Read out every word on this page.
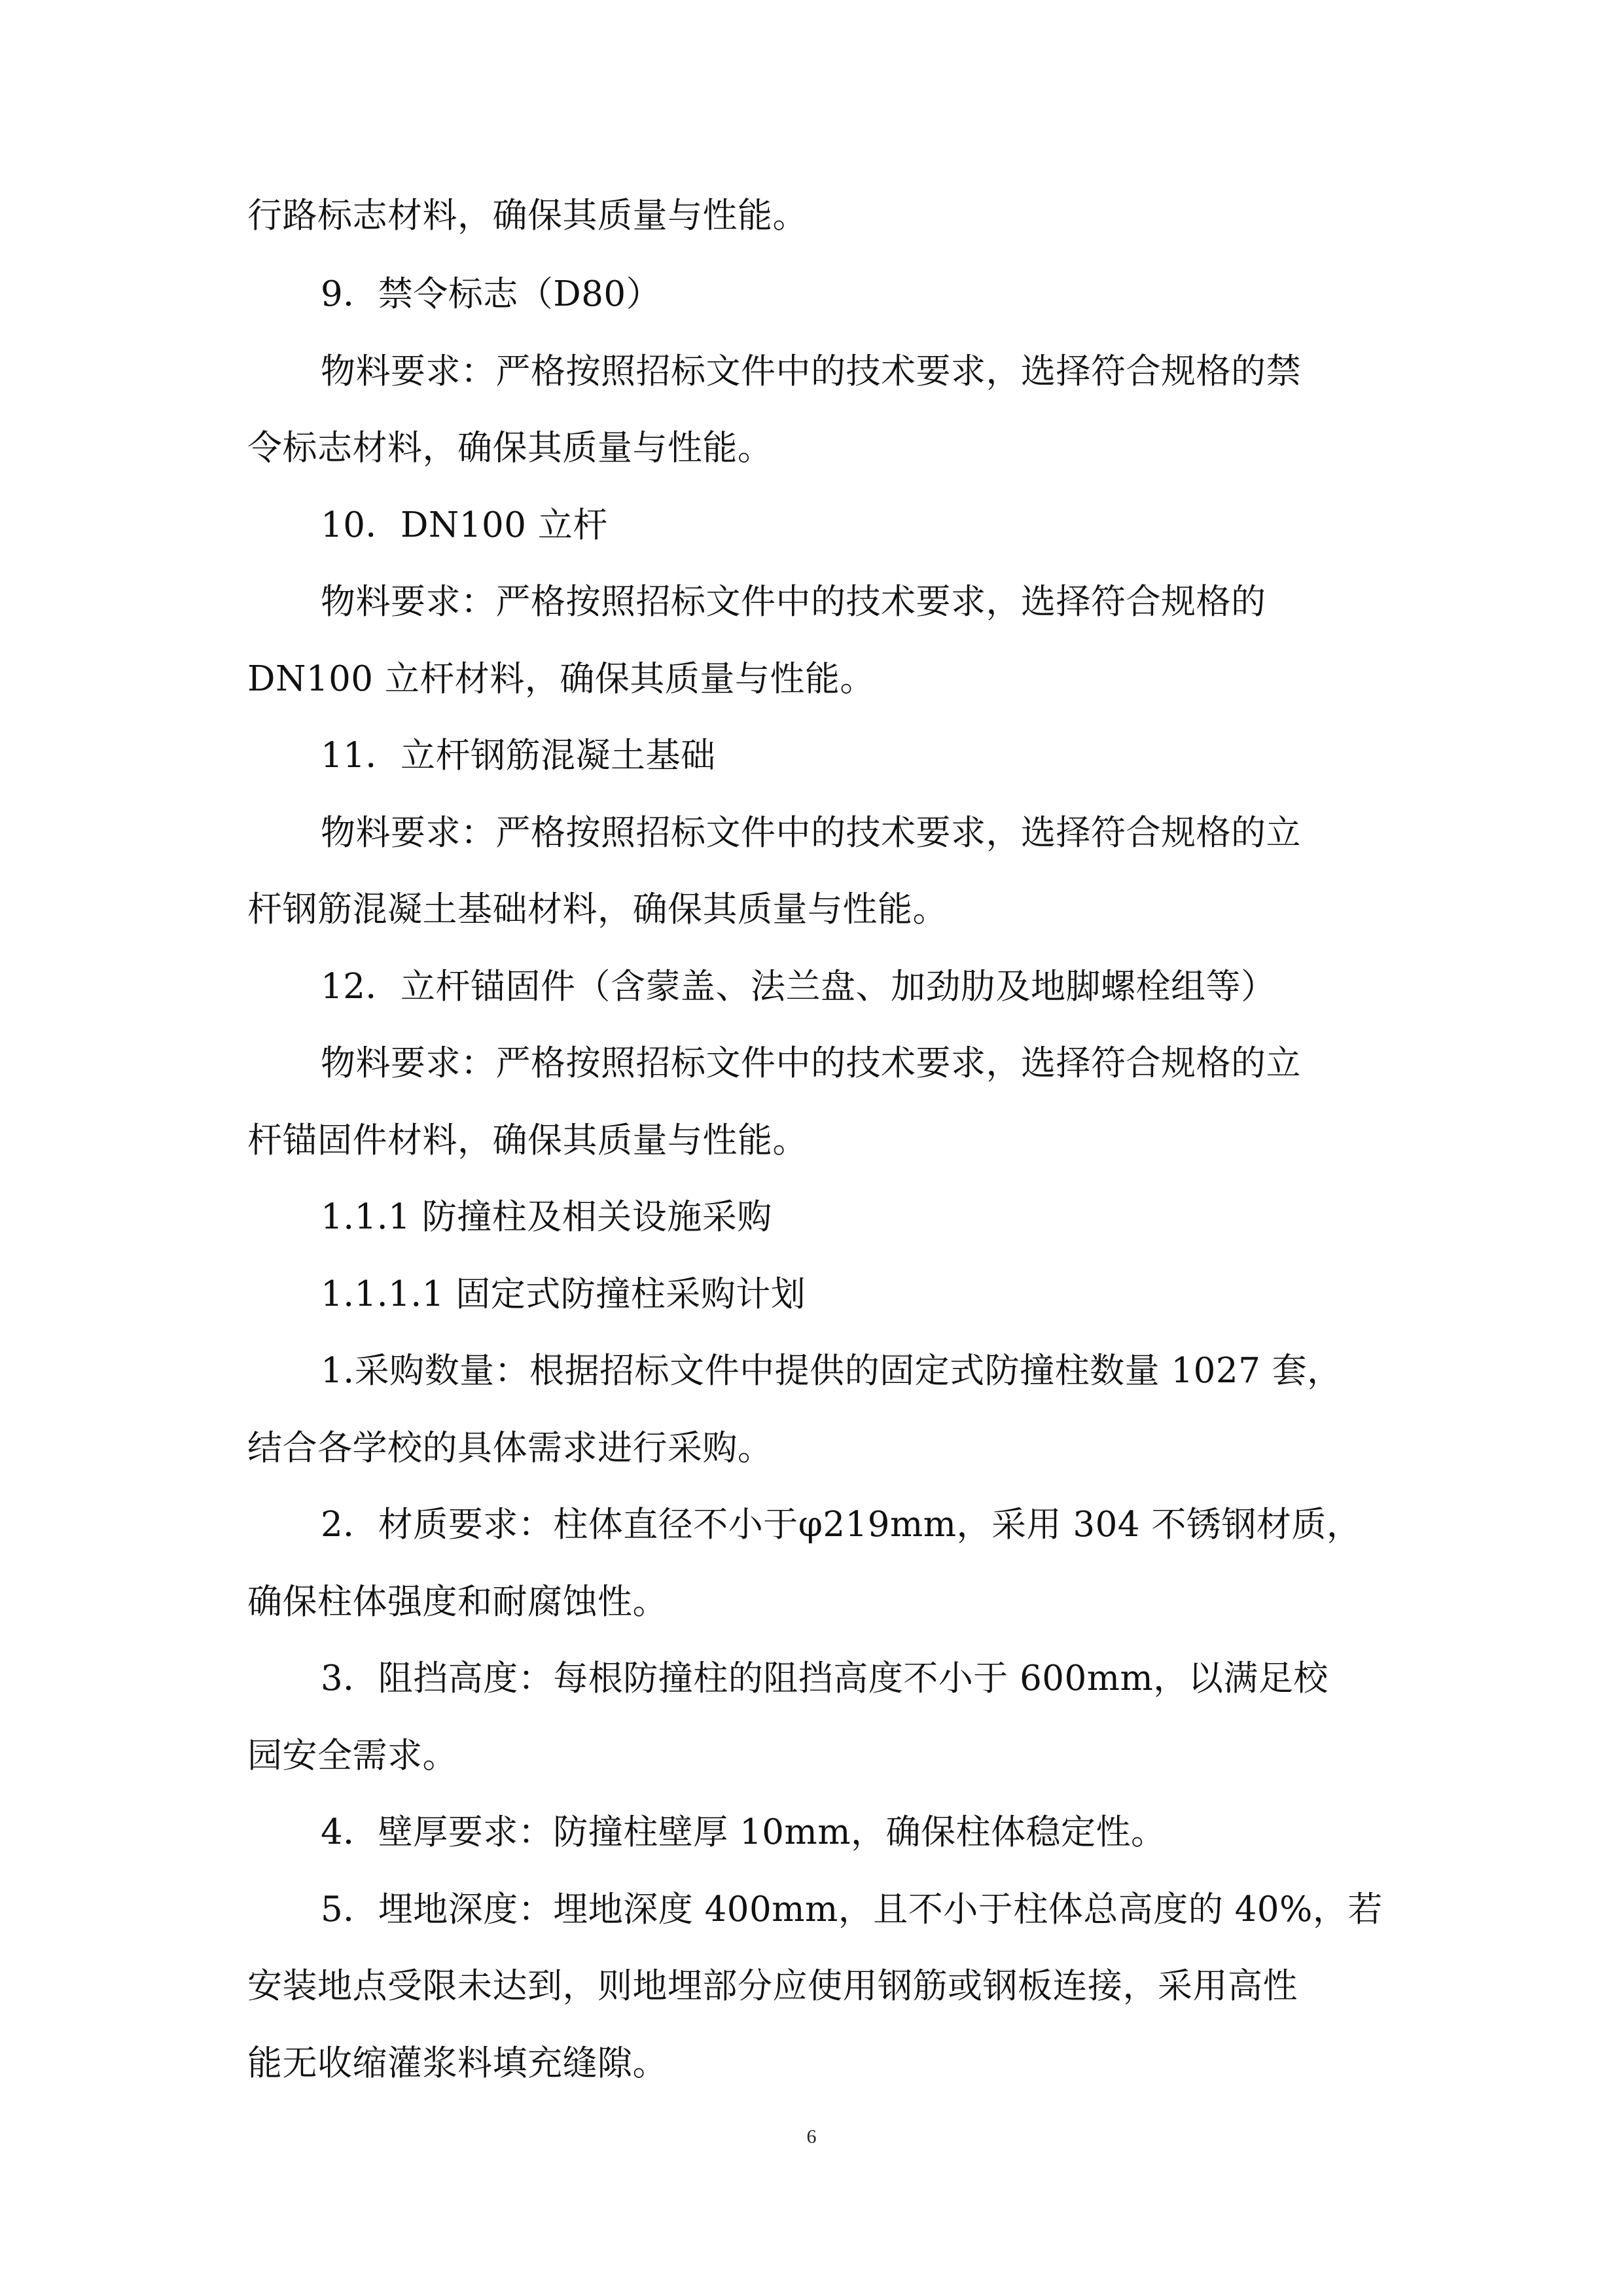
行路标志材料，确保其质量与性能。

9．禁令标志（D80）

物料要求：严格按照招标文件中的技术要求，选择符合规格的禁

令标志材料，确保其质量与性能。

10．DN100 立杆

物料要求：严格按照招标文件中的技术要求，选择符合规格的

DN100 立杆材料，确保其质量与性能。

11．立杆钢筋混凝土基础

物料要求：严格按照招标文件中的技术要求，选择符合规格的立

杆钢筋混凝土基础材料，确保其质量与性能。

12．立杆锚固件（含蒙盖、法兰盘、加劲肋及地脚螺栓组等）

物料要求：严格按照招标文件中的技术要求，选择符合规格的立

杆锚固件材料，确保其质量与性能。

1.1.1 防撞柱及相关设施采购

1.1.1.1 固定式防撞柱采购计划

1.采购数量：根据招标文件中提供的固定式防撞柱数量 1027 套，

结合各学校的具体需求进行采购。

2．材质要求：柱体直径不小于φ219mm，采用 304 不锈钢材质，

确保柱体强度和耐腐蚀性。

3．阻挡高度：每根防撞柱的阻挡高度不小于 600mm，以满足校

园安全需求。

4．壁厚要求：防撞柱壁厚 10mm，确保柱体稳定性。

5．埋地深度：埋地深度 400mm，且不小于柱体总高度的 40%，若

安装地点受限未达到，则地埋部分应使用钢筋或钢板连接，采用高性

能无收缩灌浆料填充缝隙。

6
